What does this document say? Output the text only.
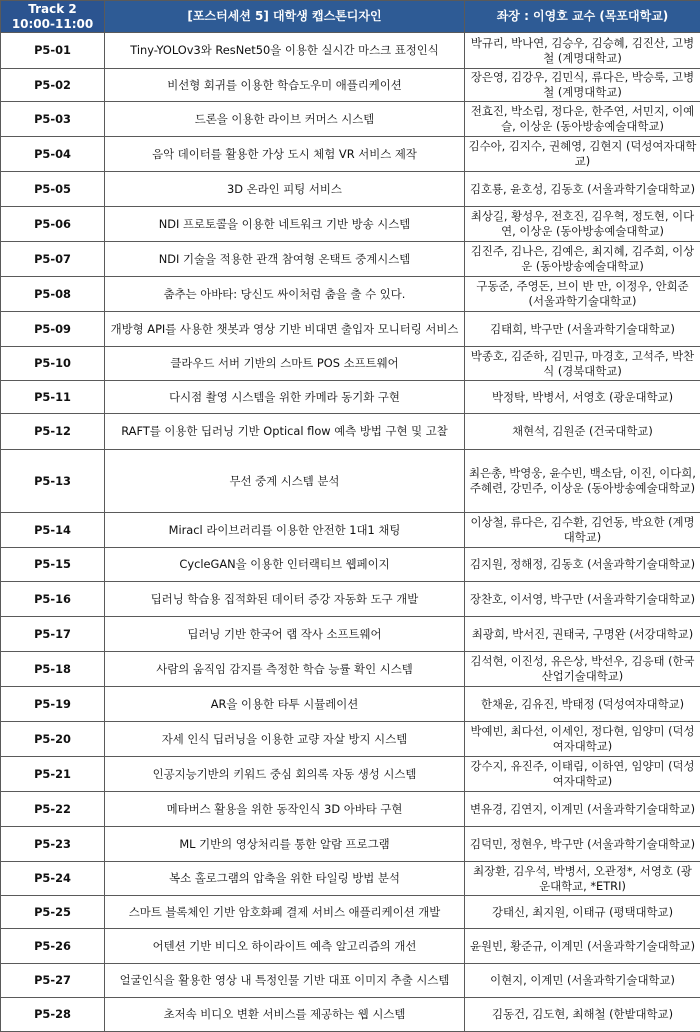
Track 2
10:00-11:00	[포스터세션 5] 대학생 캡스톤디자인	좌장 : 이영호 교수 (목포대학교)
P5-01	Tiny-YOLOv3와 ResNet50을 이용한 실시간 마스크 표정인식	박규리, 박나연, 김승우, 김승혜, 김진산, 고병철 (계명대학교)
P5-02	비선형 회귀를 이용한 학습도우미 애플리케이션	장은영, 김강우, 김민식, 류다은, 박승룩, 고병철 (계명대학교)
P5-03	드론을 이용한 라이브 커머스 시스템	전효진, 박소림, 정다운, 한주연, 서민지, 이예슬, 이상운 (동아방송예술대학교)
P5-04	음악 데이터를 활용한 가상 도시 체험 VR 서비스 제작	김수아, 김지수, 권혜영, 김현지 (덕성여자대학교)
P5-05	3D 온라인 피팅 서비스	김호룡, 윤호성, 김동호 (서울과학기술대학교)
P5-06	NDI 프로토콜을 이용한 네트워크 기반 방송 시스템	최상길, 황성우, 전호진, 김우혁, 정도현, 이다연, 이상운 (동아방송예술대학교)
P5-07	NDI 기술을 적용한 관객 참여형 온택트 중계시스템	김진주, 김나은, 김예은, 최지혜, 김주희, 이상운 (동아방송예술대학교)
P5-08	춤추는 아바타: 당신도 싸이처럼 춤을 출 수 있다.	구동준, 주영돈, 브이 반 만, 이정우, 안희준 (서울과학기술대학교)
P5-09	개방형 API를 사용한 챗봇과 영상 기반 비대면 출입자 모니터링 서비스	김태희, 박구만 (서울과학기술대학교)
P5-10	클라우드 서버 기반의 스마트 POS 소프트웨어	박종호, 김준하, 김민규, 마경호, 고석주, 박찬식 (경북대학교)
P5-11	다시점 촬영 시스템을 위한 카메라 동기화 구현	박정탁, 박병서, 서영호 (광운대학교)
P5-12	RAFT를 이용한 딥러닝 기반 Optical flow 예측 방법 구현 및 고찰	채현석, 김원준 (건국대학교)
P5-13	무선 중계 시스템 분석	최은총, 박영웅, 윤수빈, 백소담, 이진, 이다희, 주혜련, 강민주, 이상운 (동아방송예술대학교)
P5-14	Miracl 라이브러리를 이용한 안전한 1대1 채팅	이상철, 류다은, 김수환, 김언동, 박요한 (계명대학교)
P5-15	CycleGAN을 이용한 인터랙티브 웹페이지	김지원, 정해정, 김동호 (서울과학기술대학교)
P5-16	딥러닝 학습용 집적화된 데이터 증강 자동화 도구 개발	장찬호, 이서영, 박구만 (서울과학기술대학교)
P5-17	딥러닝 기반 한국어 랩 작사 소프트웨어	최광희, 박서진, 권태국, 구명완 (서강대학교)
P5-18	사람의 움직임 감지를 측정한 학습 능률 확인 시스템	김석현, 이진성, 유은상, 박선우, 김응태 (한국산업기술대학교)
P5-19	AR을 이용한 타투 시뮬레이션	한채윤, 김유진, 박태정 (덕성여자대학교)
P5-20	자세 인식 딥러닝을 이용한 교량 자살 방지 시스템	박예빈, 최다선, 이세인, 정다현, 임양미 (덕성여자대학교)
P5-21	인공지능기반의 키워드 중심 회의록 자동 생성 시스템	강수지, 유진주, 이태림, 이하연, 임양미 (덕성여자대학교)
P5-22	메타버스 활용을 위한 동작인식 3D 아바타 구현	변유경, 김연지, 이계민 (서울과학기술대학교)
P5-23	ML 기반의 영상처리를 통한 알람 프로그램	김덕민, 정현우, 박구만 (서울과학기술대학교)
P5-24	복소 홀로그램의 압축을 위한 타일링 방법 분석	최장환, 김우석, 박병서, 오관정*, 서영호 (광운대학교, *ETRI)
P5-25	스마트 블록체인 기반 암호화폐 결제 서비스 애플리케이션 개발	강태신, 최지원, 이태규 (평택대학교)
P5-26	어텐션 기반 비디오 하이라이트 예측 알고리즘의 개선	윤원빈, 황준규, 이계민 (서울과학기술대학교)
P5-27	얼굴인식을 활용한 영상 내 특정인물 기반 대표 이미지 추출 시스템	이현지, 이계민 (서울과학기술대학교)
P5-28	초저속 비디오 변환 서비스를 제공하는 웹 시스템	김동건, 김도현, 최해철 (한밭대학교)
